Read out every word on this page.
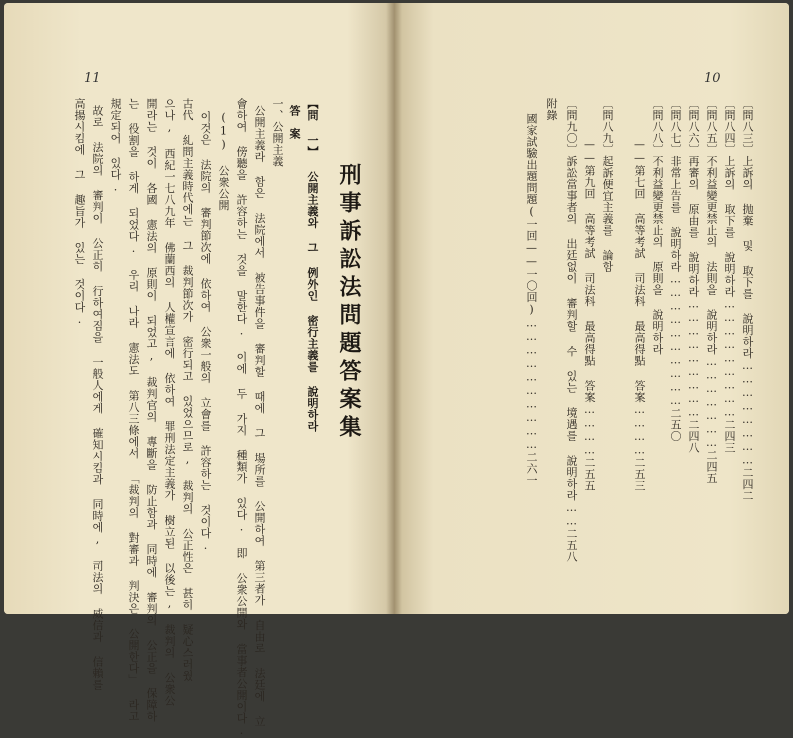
11
刑事訴訟法問題答案集
【問 一】 公開主義와 그 例外인 密行主義를 說明하라
答　案
一、公開主義
公開主義라 함은 法院에서 被告事件을 審判할 때에 그 場所를 公開하여 第三者가 自由로 法廷에 立
會하여 傍聽을 許容하는 것을 말한다. 이에 두 가지 種類가 있다. 即 公衆公開와 當事者公開이다.
(1) 公衆公開
이것은 法院의 審判節次에 依하여 公衆一般의 立會를 許容하는 것이다.
古代 糺問主義時代에는 그 裁判節次가 密行되고 있었으므로, 裁判의 公正性은 甚히 疑心스러웠
으나, 西紀一七八九年 佛蘭西의 人權宣言에 依하여 罪刑法定主義가 樹立된 以後는, 裁判의 公衆公
開라는 것이 各國 憲法의 原則이 되었고, 裁判官의 專斷을 防止함과 同時에 審判의 公正을 保障하
는 役割을 하게 되었다. 우리 나라 憲法도 第八三條에서 「裁判의 對審과 判決은 公開한다」 라고
規定되어 있다.
故로 法院의 審判이 公正히 行하여짐을 一般人에게 確知시킴과 同時에, 司法의 威信과 信賴를
高揚시킴에 그 趣旨가 있는 것이다.
10
〔問八三〕上訴의 抛棄 및 取下를 說明하라……………………二四二
〔問八四〕上訴의 取下를 說明하라………………………二四三
〔問八五〕不利益變更禁止의 法則을 說明하라…………………二四五
〔問八六〕再審의 原由를 說明하라………………………二四八
〔問八七〕非常上告를 說明하라…………………………二五〇
〔問八八〕不利益變更禁止의 原則을 說明하라
——第七回 高等考試 司法科 最高得點 答案…………二五三
〔問八九〕起訴便宜主義를 論함
——第九回 高等考試 司法科 最高得點 答案…………二五五
〔問九〇〕訴訟當事者의 出廷없이 審判할 수 있는 境遇를 說明하라……二五八
附錄
國家試驗出題問題(一回——一〇回)…………………………二六一
